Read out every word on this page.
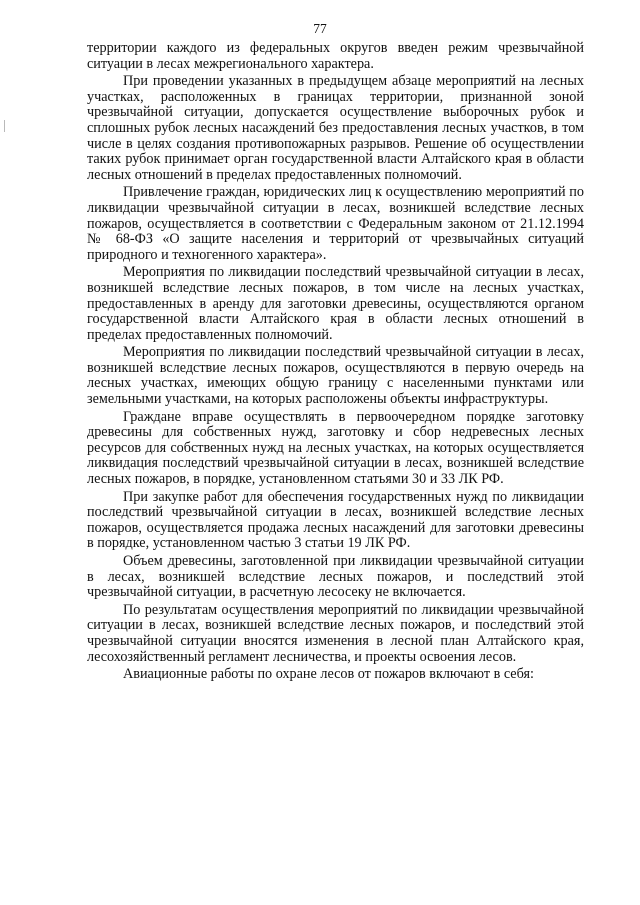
77

территории каждого из федеральных округов введен режим чрезвычайной ситуации в лесах межрегионального характера.

При проведении указанных в предыдущем абзаце мероприятий на лесных участках, расположенных в границах территории, признанной зоной чрезвычайной ситуации, допускается осуществление выборочных рубок и сплошных рубок лесных насаждений без предоставления лесных участков, в том числе в целях создания противопожарных разрывов. Решение об осуществлении таких рубок принимает орган государственной власти Алтайского края в области лесных отношений в пределах предоставленных полномочий.

Привлечение граждан, юридических лиц к осуществлению мероприятий по ликвидации чрезвычайной ситуации в лесах, возникшей вследствие лесных пожаров, осуществляется в соответствии с Федеральным законом от 21.12.1994 № 68-ФЗ «О защите населения и территорий от чрезвычайных ситуаций природного и техногенного характера».

Мероприятия по ликвидации последствий чрезвычайной ситуации в лесах, возникшей вследствие лесных пожаров, в том числе на лесных участках, предоставленных в аренду для заготовки древесины, осуществляются органом государственной власти Алтайского края в области лесных отношений в пределах предоставленных полномочий.

Мероприятия по ликвидации последствий чрезвычайной ситуации в лесах, возникшей вследствие лесных пожаров, осуществляются в первую очередь на лесных участках, имеющих общую границу с населенными пунктами или земельными участками, на которых расположены объекты инфраструктуры.

Граждане вправе осуществлять в первоочередном порядке заготовку древесины для собственных нужд, заготовку и сбор недревесных лесных ресурсов для собственных нужд на лесных участках, на которых осуществляется ликвидация последствий чрезвычайной ситуации в лесах, возникшей вследствие лесных пожаров, в порядке, установленном статьями 30 и 33 ЛК РФ.

При закупке работ для обеспечения государственных нужд по ликвидации последствий чрезвычайной ситуации в лесах, возникшей вследствие лесных пожаров, осуществляется продажа лесных насаждений для заготовки древесины в порядке, установленном частью 3 статьи 19 ЛК РФ.

Объем древесины, заготовленной при ликвидации чрезвычайной ситуации в лесах, возникшей вследствие лесных пожаров, и последствий этой чрезвычайной ситуации, в расчетную лесосеку не включается.

По результатам осуществления мероприятий по ликвидации чрезвычайной ситуации в лесах, возникшей вследствие лесных пожаров, и последствий этой чрезвычайной ситуации вносятся изменения в лесной план Алтайского края, лесохозяйственный регламент лесничества, и проекты освоения лесов.

Авиационные работы по охране лесов от пожаров включают в себя:
